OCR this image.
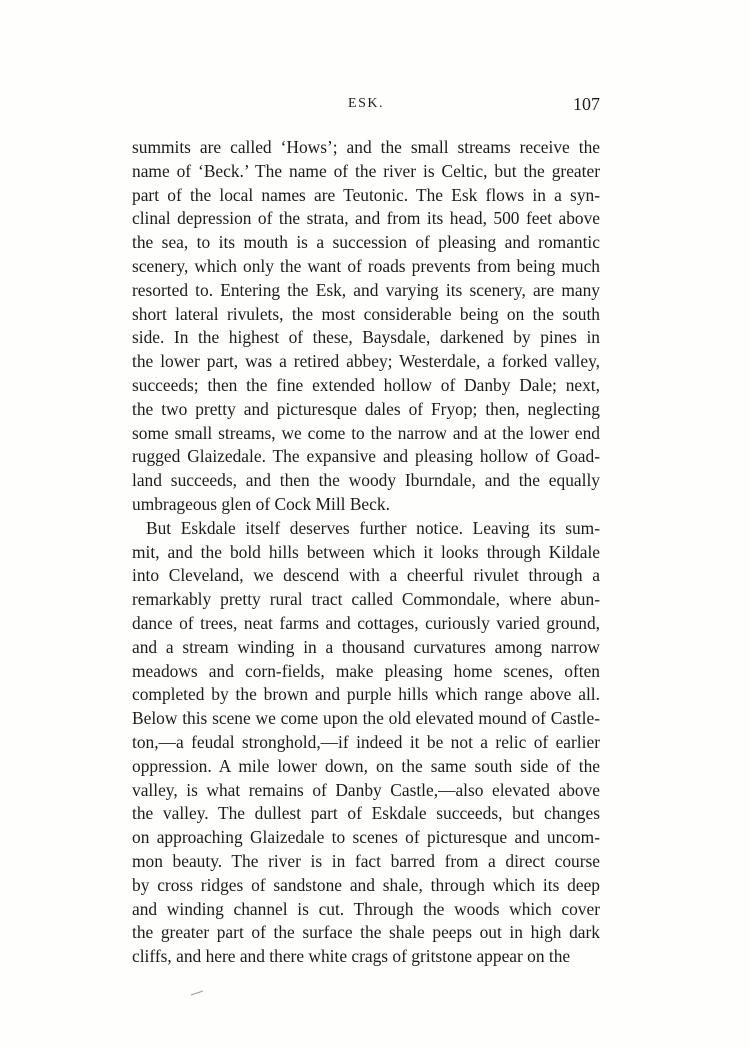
ESK.	107
summits are called ‘Hows’; and the small streams receive the
name of ‘Beck.’ The name of the river is Celtic, but the greater
part of the local names are Teutonic. The Esk flows in a syn-
clinal depression of the strata, and from its head, 500 feet above
the sea, to its mouth is a succession of pleasing and romantic
scenery, which only the want of roads prevents from being much
resorted to. Entering the Esk, and varying its scenery, are many
short lateral rivulets, the most considerable being on the south
side. In the highest of these, Baysdale, darkened by pines in
the lower part, was a retired abbey; Westerdale, a forked valley,
succeeds; then the fine extended hollow of Danby Dale; next,
the two pretty and picturesque dales of Fryop; then, neglecting
some small streams, we come to the narrow and at the lower end
rugged Glaizedale. The expansive and pleasing hollow of Goad-
land succeeds, and then the woody Iburndale, and the equally
umbrageous glen of Cock Mill Beck.
But Eskdale itself deserves further notice. Leaving its sum-
mit, and the bold hills between which it looks through Kildale
into Cleveland, we descend with a cheerful rivulet through a
remarkably pretty rural tract called Commondale, where abun-
dance of trees, neat farms and cottages, curiously varied ground,
and a stream winding in a thousand curvatures among narrow
meadows and corn-fields, make pleasing home scenes, often
completed by the brown and purple hills which range above all.
Below this scene we come upon the old elevated mound of Castle-
ton,—a feudal stronghold,—if indeed it be not a relic of earlier
oppression. A mile lower down, on the same south side of the
valley, is what remains of Danby Castle,—also elevated above
the valley. The dullest part of Eskdale succeeds, but changes
on approaching Glaizedale to scenes of picturesque and uncom-
mon beauty. The river is in fact barred from a direct course
by cross ridges of sandstone and shale, through which its deep
and winding channel is cut. Through the woods which cover
the greater part of the surface the shale peeps out in high dark
cliffs, and here and there white crags of gritstone appear on the
